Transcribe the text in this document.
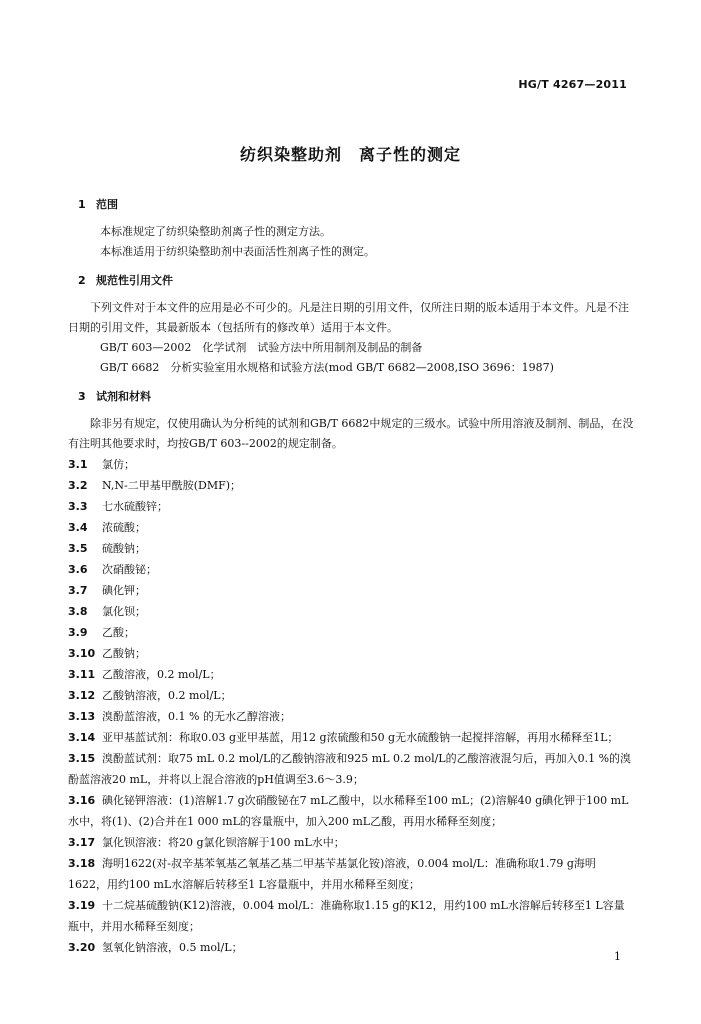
HG/T 4267—2011
纺织染整助剂　离子性的测定
1 范围

本标准规定了纺织染整助剂离子性的测定方法。

本标准适用于纺织染整助剂中表面活性剂离子性的测定。

2 规范性引用文件

下列文件对于本文件的应用是必不可少的。凡是注日期的引用文件，仅所注日期的版本适用于本文件。凡是不注日期的引用文件，其最新版本（包括所有的修改单）适用于本文件。

GB/T 603—2002　化学试剂　试验方法中所用制剂及制品的制备
GB/T 6682　分析实验室用水规格和试验方法(mod GB/T 6682—2008,ISO 3696：1987)
3 试剂和材料

除非另有规定，仅使用确认为分析纯的试剂和GB/T 6682中规定的三级水。试验中所用溶液及制剂、制品，在没有注明其他要求时，均按GB/T 603--2002的规定制备。

3.1 氯仿；
3.2 N,N-二甲基甲酰胺(DMF)；
3.3 七水硫酸锌；
3.4 浓硫酸；
3.5 硫酸钠；
3.6 次硝酸铋；
3.7 碘化钾；
3.8 氯化钡；
3.9 乙酸；
3.10 乙酸钠；
3.11 乙酸溶液，0.2 mol/L；
3.12 乙酸钠溶液，0.2 mol/L；
3.13 溴酚蓝溶液，0.1 % 的无水乙醇溶液；
3.14 亚甲基蓝试剂：称取0.03 g亚甲基蓝，用12 g浓硫酸和50 g无水硫酸钠一起搅拌溶解，再用水稀释至1L；
3.15 溴酚蓝试剂：取75 mL 0.2 mol/L的乙酸钠溶液和925 mL 0.2 mol/L的乙酸溶液混匀后，再加入0.1 %的溴酚蓝溶液20 mL，并将以上混合溶液的pH值调至3.6～3.9；
3.16 碘化铋钾溶液：(1)溶解1.7 g次硝酸铋在7 mL乙酸中，以水稀释至100 mL；(2)溶解40 g碘化钾于100 mL水中，将(1)、(2)合并在1 000 mL的容量瓶中，加入200 mL乙酸，再用水稀释至刻度；
3.17 氯化钡溶液：将20 g氯化钡溶解于100 mL水中；
3.18 海明1622(对-叔辛基苯氧基乙氧基乙基二甲基苄基氯化铵)溶液，0.004 mol/L：准确称取1.79 g海明1622，用约100 mL水溶解后转移至1 L容量瓶中，并用水稀释至刻度；
3.19 十二烷基硫酸钠(K12)溶液，0.004 mol/L：准确称取1.15 g的K12，用约100 mL水溶解后转移至1 L容量瓶中，并用水稀释至刻度；
3.20 氢氧化钠溶液，0.5 mol/L；
1
